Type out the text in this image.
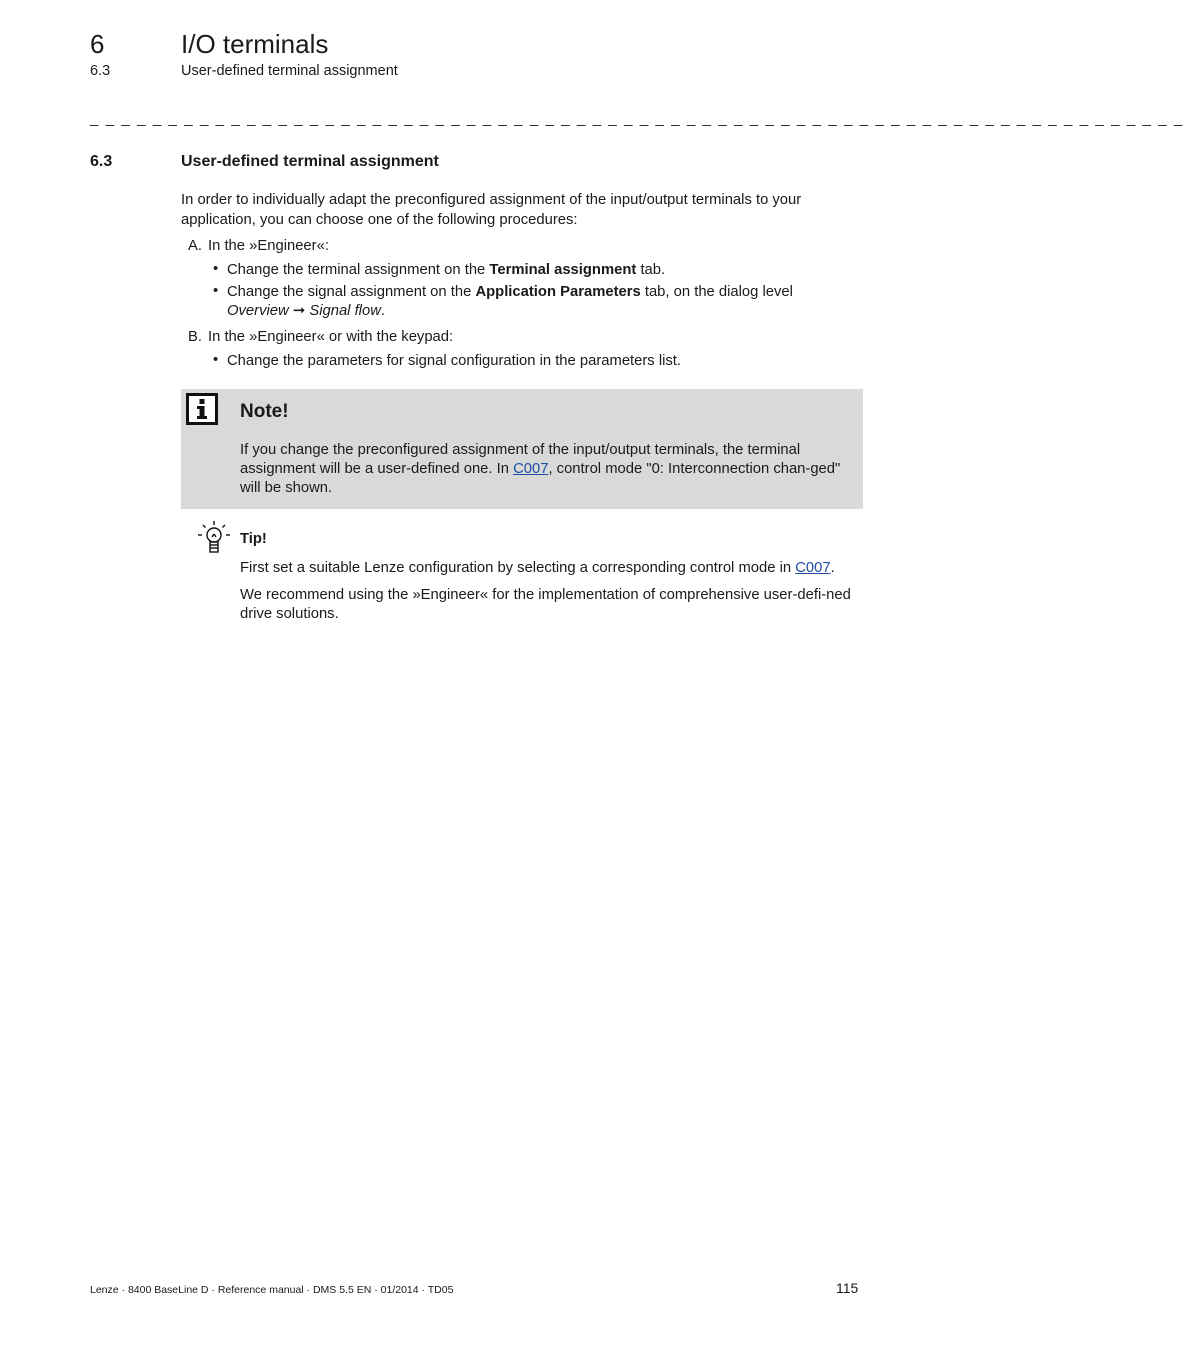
6	I/O terminals
6.3	User-defined terminal assignment
_ _ _ _ _ _ _ _ _ _ _ _ _ _ _ _ _ _ _ _ _ _ _ _ _ _ _ _ _ _ _ _ _ _ _ _ _ _ _ _ _ _ _ _ _ _ _ _ _ _ _ _ _ _ _ _ _ _ _ _ _ _ _ _ _ _ _ _ _ _
6.3	User-defined terminal assignment
In order to individually adapt the preconfigured assignment of the input/output terminals to your application, you can choose one of the following procedures:
A. In the »Engineer«:
• Change the terminal assignment on the Terminal assignment tab.
• Change the signal assignment on the Application Parameters tab, on the dialog level
Overview ➞ Signal flow.
B. In the »Engineer« or with the keypad:
• Change the parameters for signal configuration in the parameters list.
Note!
If you change the preconfigured assignment of the input/output terminals, the terminal assignment will be a user-defined one. In C007, control mode "0: Interconnection chan-ged" will be shown.
Tip!
First set a suitable Lenze configuration by selecting a corresponding control mode in C007.
We recommend using the »Engineer« for the implementation of comprehensive user-defi-ned drive solutions.
Lenze · 8400 BaseLine D · Reference manual · DMS 5.5 EN · 01/2014 · TD05	115
